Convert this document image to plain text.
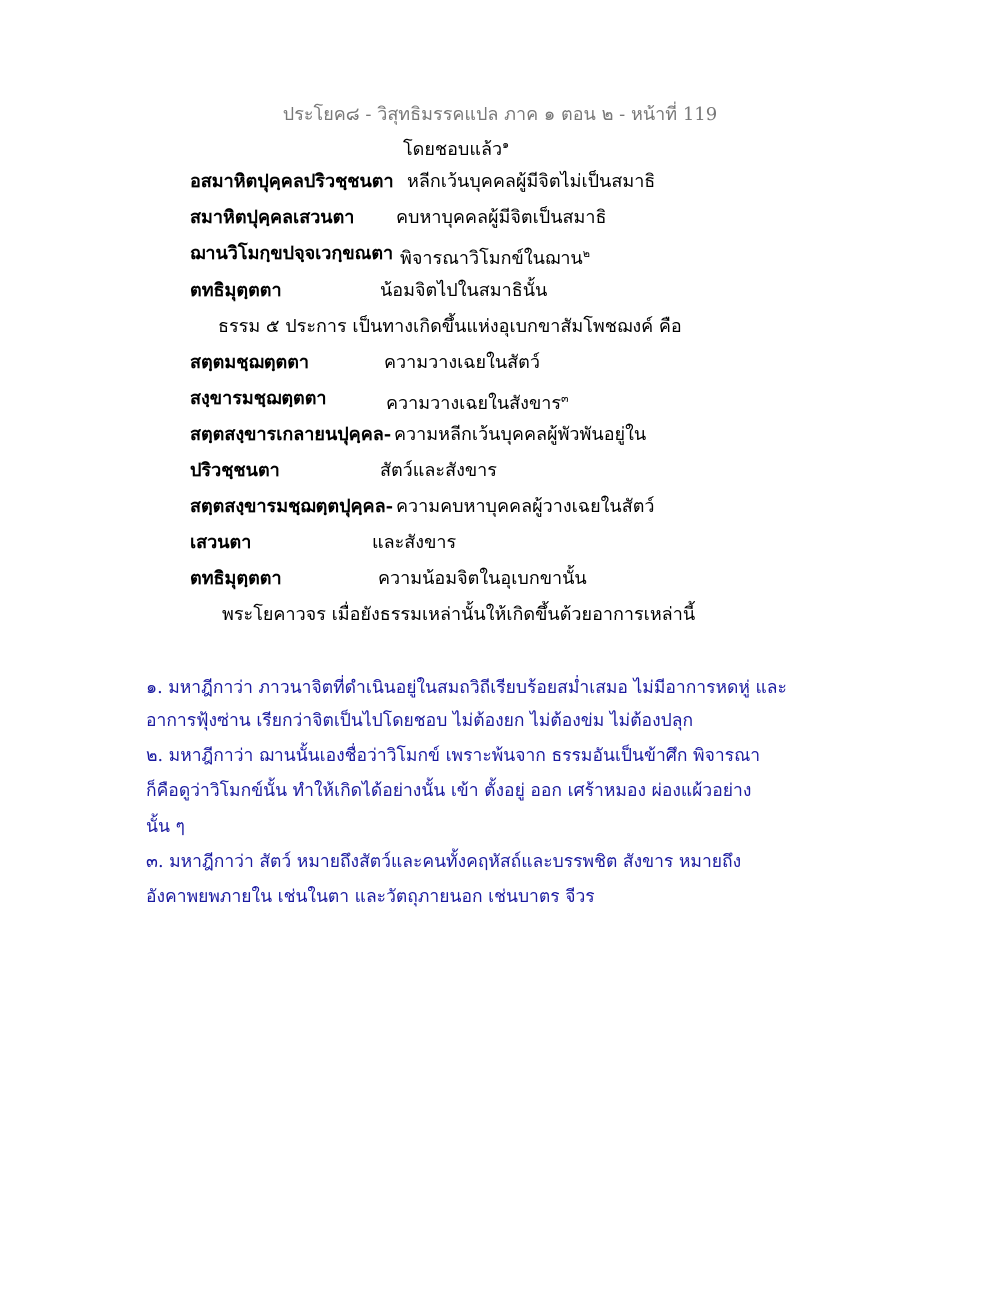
ประโยค๘ - วิสุทธิมรรคแปล ภาค ๑ ตอน ๒ - หน้าที่ 119
โดยชอบแล้ว$^๑$
อสมาหิตปุคฺคลปริวชฺชนตา หลีกเว้นบุคคลผู้มีจิตไม่เป็นสมาธิ
สมาหิตปุคฺคลเสวนตา คบหาบุคคลผู้มีจิตเป็นสมาธิ
ฌานวิโมกฺขปจฺจเวกฺขณตา พิจารณาวิโมกข์ในฌาน$^๒$
ตทธิมุตฺตตา	น้อมจิตไปในสมาธินั้น
ธรรม ๕ ประการ เป็นทางเกิดขึ้นแห่งอุเบกขาสัมโพชฌงค์ คือ
สตฺตมชฺฌตฺตตา	ความวางเฉยในสัตว์
สงฺขารมชฺฌตฺตตา	ความวางเฉยในสังขาร$^๓$
สตฺตสงฺขารเกลายนปุคฺคล- ความหลีกเว้นบุคคลผู้พัวพันอยู่ใน
ปริวชฺชนตา	สัตว์และสังขาร
สตฺตสงฺขารมชฺฌตฺตปุคฺคล- ความคบหาบุคคลผู้วางเฉยในสัตว์
เสวนตา	และสังขาร
ตทธิมุตฺตตา	ความน้อมจิตในอุเบกขานั้น
พระโยคาวจร เมื่อยังธรรมเหล่านั้นให้เกิดขึ้นด้วยอาการเหล่านี้
๑. มหาฎีกาว่า ภาวนาจิตที่ดำเนินอยู่ในสมถวิถีเรียบร้อยสม่ำเสมอ ไม่มีอาการหดหู่ และ
อาการฟุ้งซ่าน เรียกว่าจิตเป็นไปโดยชอบ ไม่ต้องยก ไม่ต้องข่ม ไม่ต้องปลุก
๒. มหาฎีกาว่า ฌานนั้นเองชื่อว่าวิโมกข์ เพราะพ้นจาก ธรรมอันเป็นข้าศึก พิจารณา
ก็คือดูว่าวิโมกข์นั้น ทำให้เกิดได้อย่างนั้น เข้า ตั้งอยู่ ออก เศร้าหมอง ผ่องแผ้วอย่าง
นั้น ๆ
๓. มหาฎีกาว่า สัตว์ หมายถึงสัตว์และคนทั้งคฤหัสถ์และบรรพชิต สังขาร หมายถึง
อังคาพยพภายใน เช่นในตา และวัตถุภายนอก เช่นบาตร จีวร
